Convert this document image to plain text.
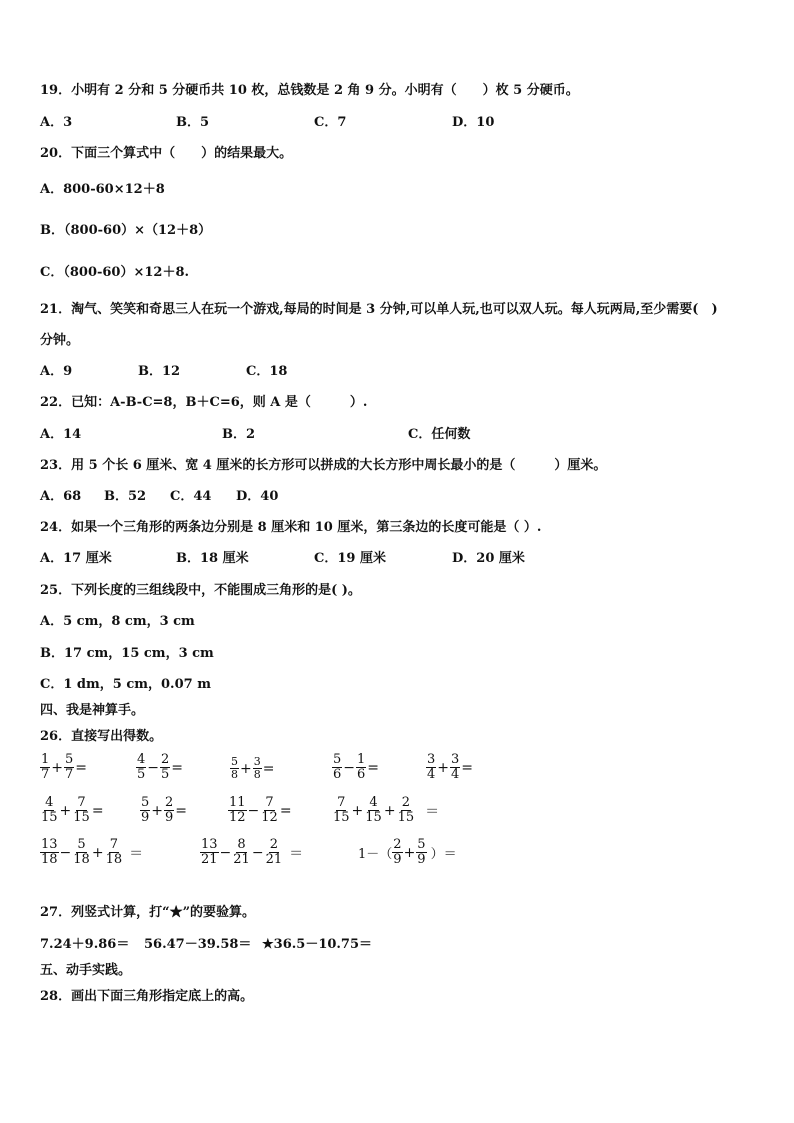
19．小明有 2 分和 5 分硬币共 10 枚，总钱数是 2 角 9 分。小明有（　　）枚 5 分硬币。
A．3	B．5	C．7	D．10
20．下面三个算式中（　　）的结果最大。
A．800-60×12＋8
B．（800-60）×（12＋8）
C．（800-60）×12＋8.
21．淘气、笑笑和奇思三人在玩一个游戏,每局的时间是 3 分钟,可以单人玩,也可以双人玩。每人玩两局,至少需要(　)
分钟。
A．9	B．12	C．18
22．已知：A-B-C=8，B＋C=6，则 A 是（　　　）.
A．14	B．2	C．任何数
23．用 5 个长 6 厘米、宽 4 厘米的长方形可以拼成的大长方形中周长最小的是（　　　）厘米。
A．68 B．52 C．44 D．40
24．如果一个三角形的两条边分别是 8 厘米和 10 厘米，第三条边的长度可能是（ ）.
A．17 厘米	B．18 厘米	C．19 厘米	D．20 厘米
25．下列长度的三组线段中，不能围成三角形的是( )。
A．5 cm，8 cm，3 cm
B．17 cm，15 cm，3 cm
C．1 dm，5 cm，0.07 m
四、我是神算手。
26．直接写出得数。
$\frac{1}{7} + \frac{5}{7}$ =	$\frac{4}{5} - \frac{2}{5}$ =	$\frac{5}{8} + \frac{3}{8}$ =	$\frac{5}{6} - \frac{1}{6}$ =	$\frac{3}{4} + \frac{3}{4}$ =
$\frac{4}{15} + \frac{7}{15}$ =	$\frac{5}{9} + \frac{2}{9}$ =	$\frac{11}{12} - \frac{7}{12}$ =	$\frac{7}{15} + \frac{4}{15} + \frac{2}{15}$ ＝
$\frac{13}{18} - \frac{5}{18} + \frac{7}{18}$ ＝	$\frac{13}{21} - \frac{8}{21} - \frac{2}{21}$ ＝	$1-( \frac{2}{9} + \frac{5}{9}$ ）＝
27．列竖式计算，打“★”的要验算。
7.24＋9.86＝ 56.47－39.58＝ ★36.5－10.75＝
五、动手实践。
28．画出下面三角形指定底上的高。
